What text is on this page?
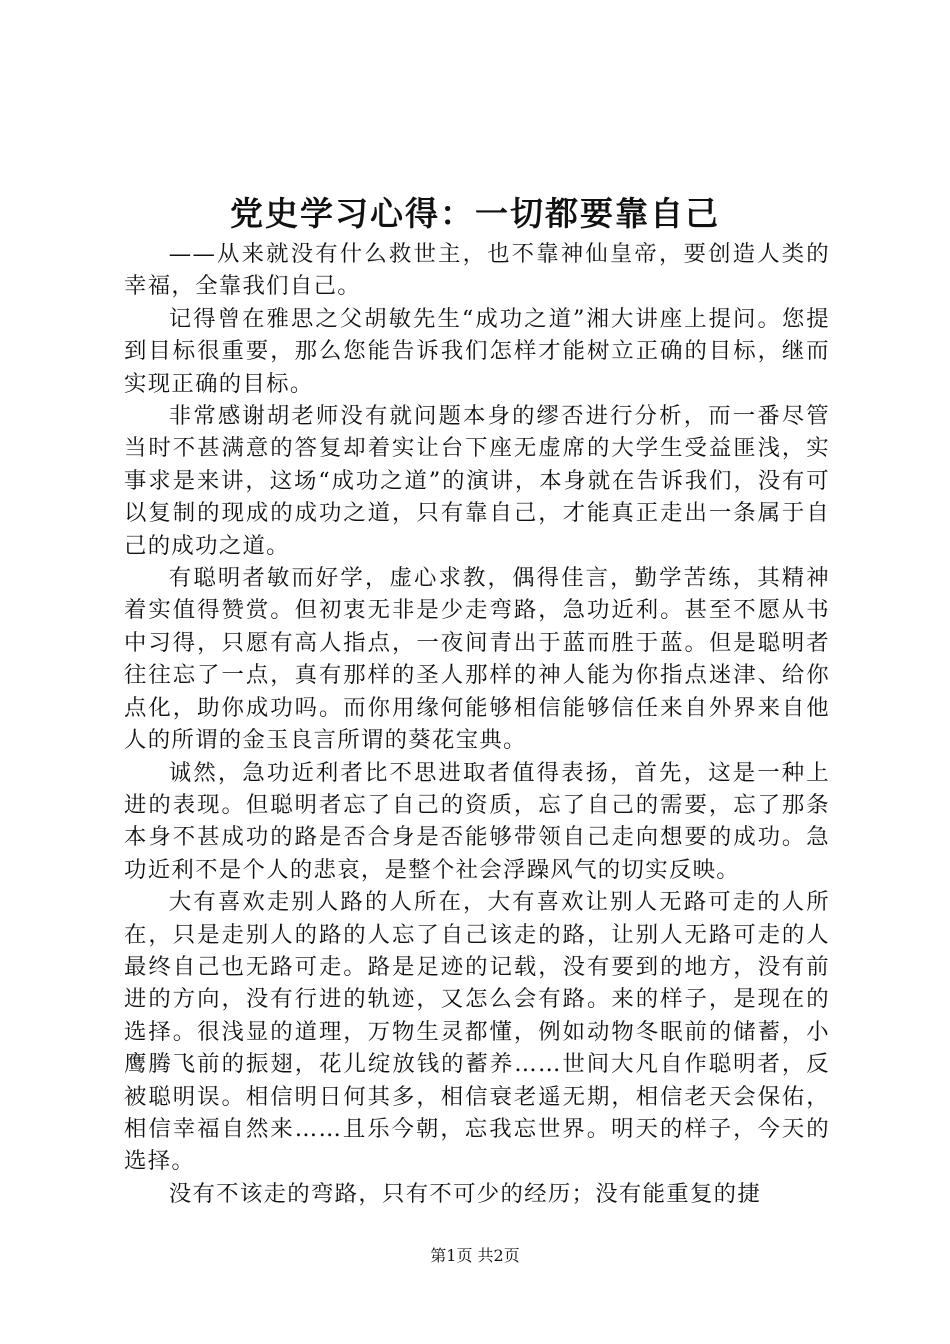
党史学习心得：一切都要靠自己

——从来就没有什么救世主，也不靠神仙皇帝，要创造人类的幸福，全靠我们自己。

记得曾在雅思之父胡敏先生“成功之道”湘大讲座上提问。您提到目标很重要，那么您能告诉我们怎样才能树立正确的目标，继而实现正确的目标。

非常感谢胡老师没有就问题本身的缪否进行分析，而一番尽管当时不甚满意的答复却着实让台下座无虚席的大学生受益匪浅，实事求是来讲，这场“成功之道”的演讲，本身就在告诉我们，没有可以复制的现成的成功之道，只有靠自己，才能真正走出一条属于自己的成功之道。

有聪明者敏而好学，虚心求教，偶得佳言，勤学苦练，其精神着实值得赞赏。但初衷无非是少走弯路，急功近利。甚至不愿从书中习得，只愿有高人指点，一夜间青出于蓝而胜于蓝。但是聪明者往往忘了一点，真有那样的圣人那样的神人能为你指点迷津、给你点化，助你成功吗。而你用缘何能够相信能够信任来自外界来自他人的所谓的金玉良言所谓的葵花宝典。

诚然，急功近利者比不思进取者值得表扬，首先，这是一种上进的表现。但聪明者忘了自己的资质，忘了自己的需要，忘了那条本身不甚成功的路是否合身是否能够带领自己走向想要的成功。急功近利不是个人的悲哀，是整个社会浮躁风气的切实反映。

大有喜欢走别人路的人所在，大有喜欢让别人无路可走的人所在，只是走别人的路的人忘了自己该走的路，让别人无路可走的人最终自己也无路可走。路是足迹的记载，没有要到的地方，没有前进的方向，没有行进的轨迹，又怎么会有路。来的样子，是现在的选择。很浅显的道理，万物生灵都懂，例如动物冬眠前的储蓄，小鹰腾飞前的振翅，花儿绽放钱的蓄养……世间大凡自作聪明者，反被聪明误。相信明日何其多，相信衰老遥无期，相信老天会保佑，相信幸福自然来……且乐今朝，忘我忘世界。明天的样子，今天的选择。

没有不该走的弯路，只有不可少的经历；没有能重复的捷

第1页 共2页
